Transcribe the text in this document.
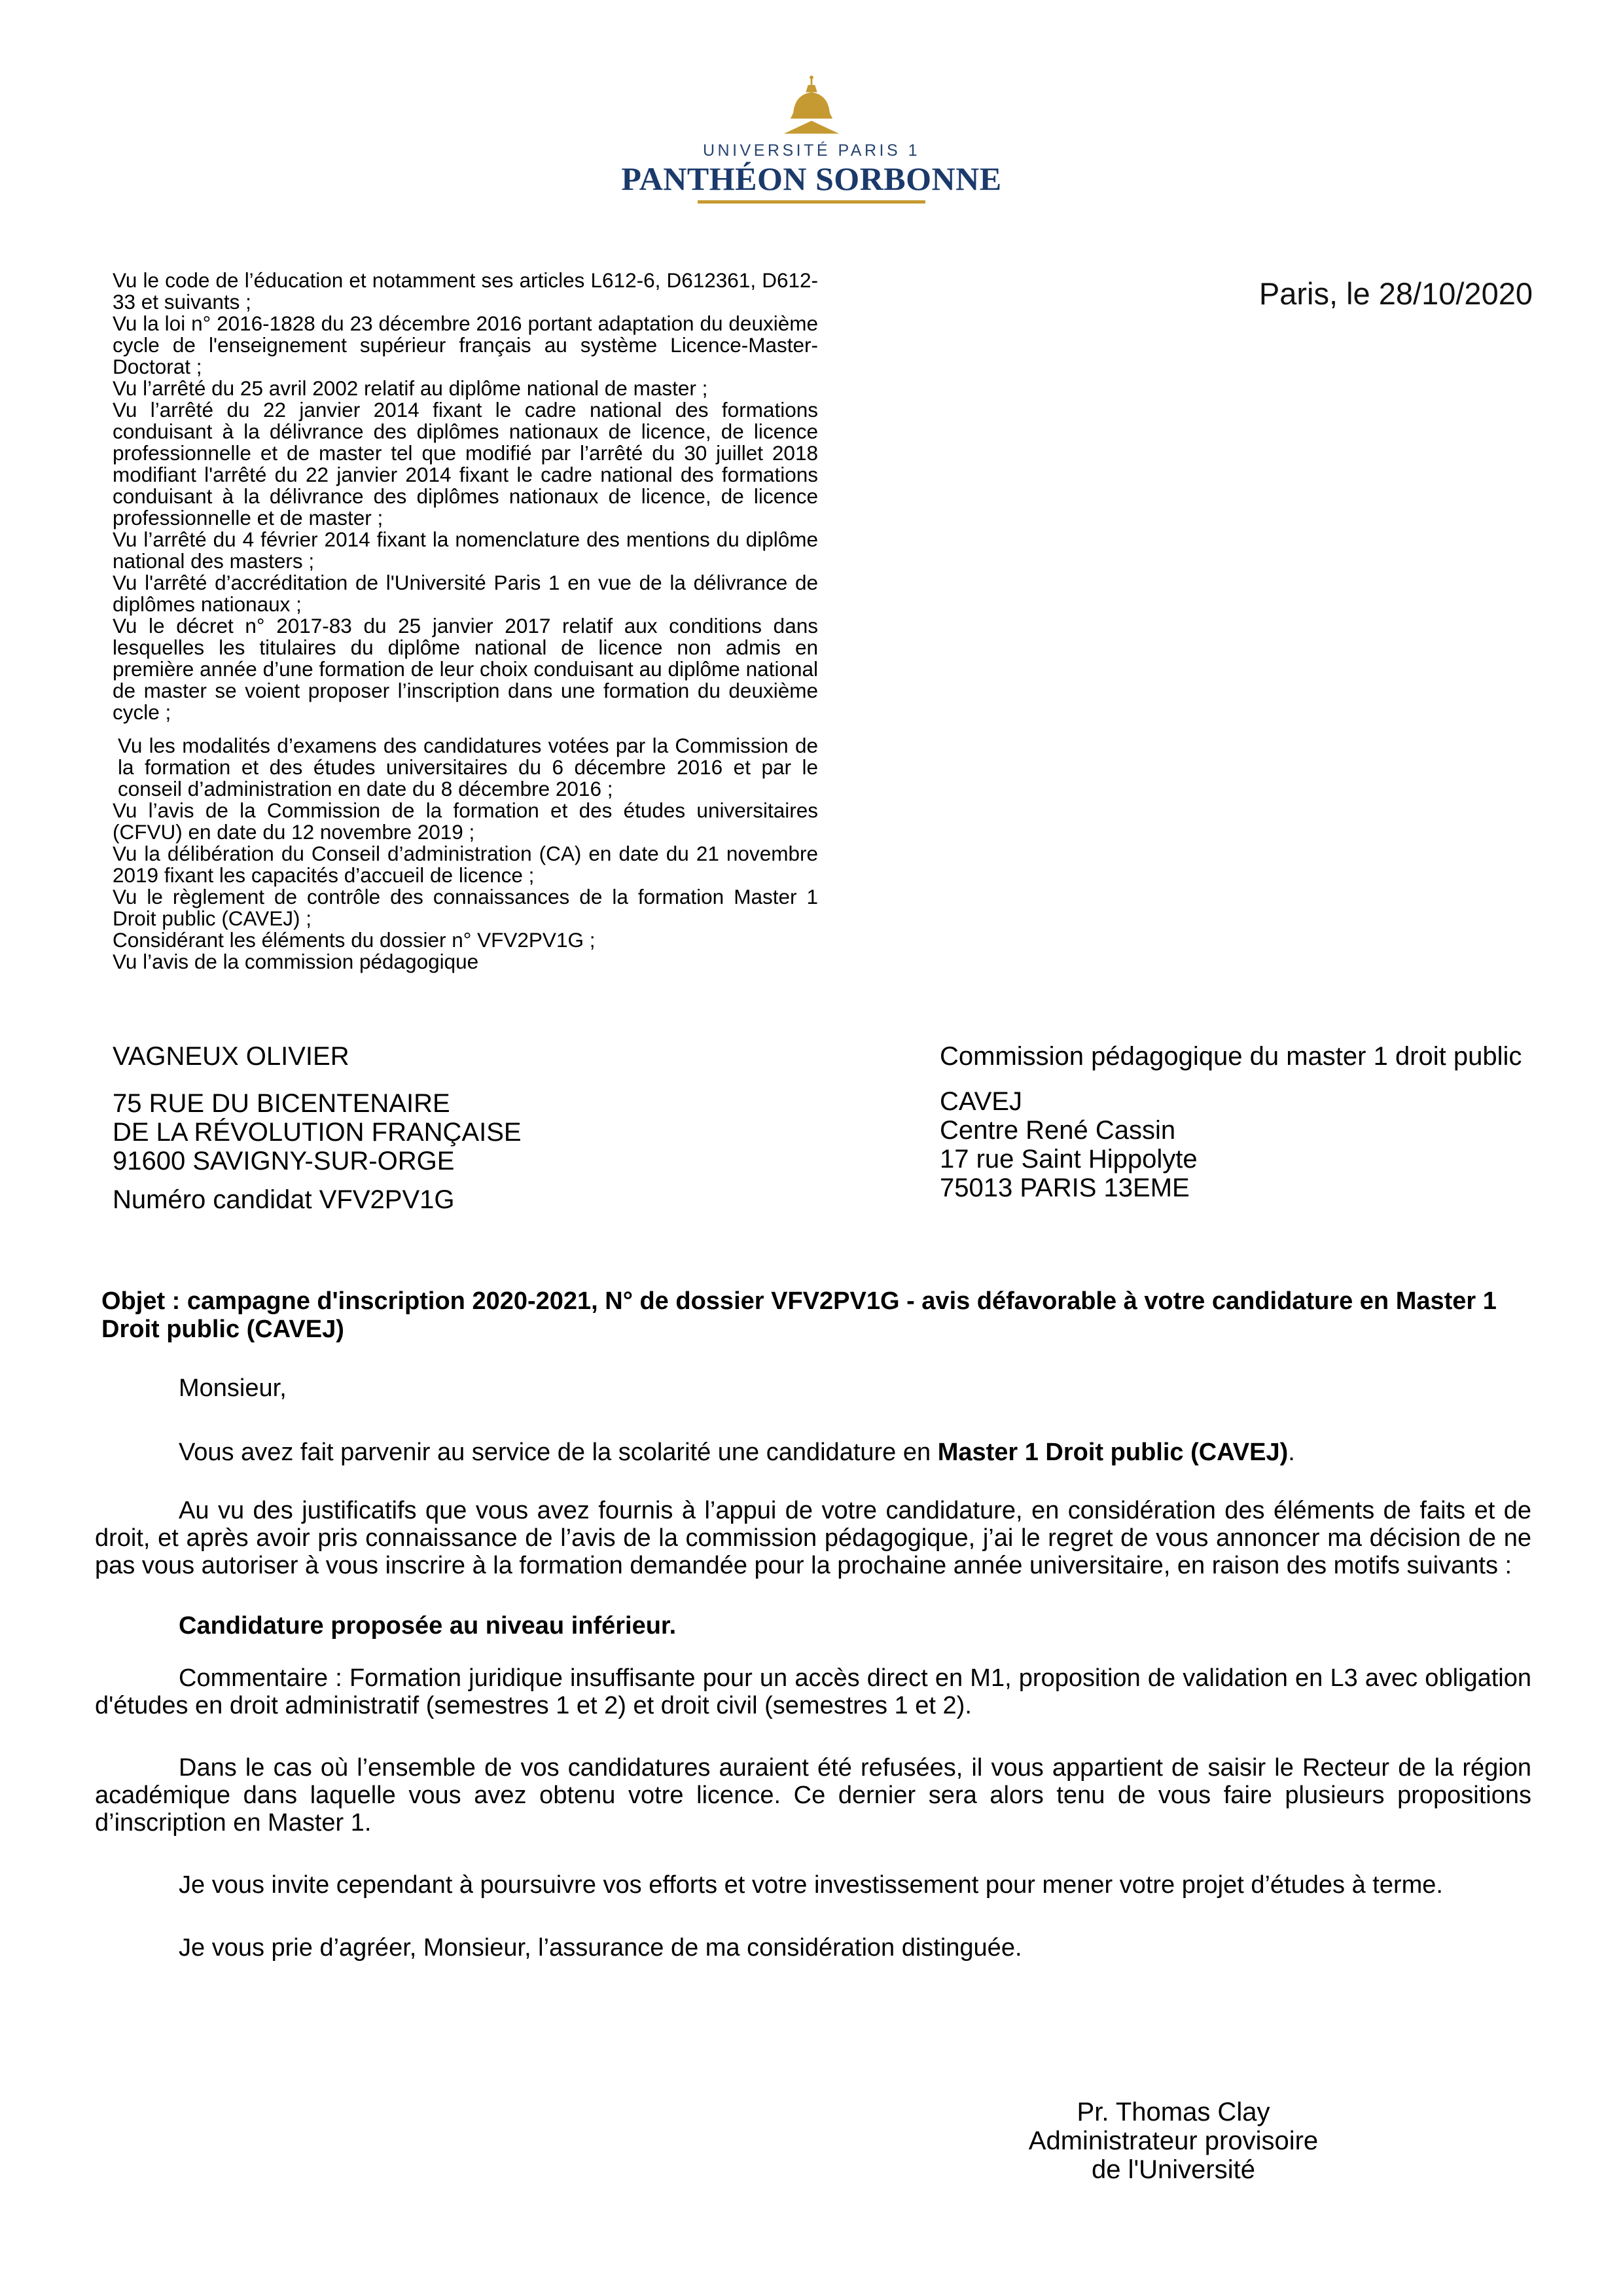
UNIVERSITÉ PARIS 1
PANTHÉON SORBONNE
Paris, le 28/10/2020

Vu le code de l’éducation et notamment ses articles L612-6, D612361, D612-33 et suivants ;

Vu la loi n° 2016-1828 du 23 décembre 2016 portant adaptation du deuxième cycle de l'enseignement supérieur français au système Licence-Master-Doctorat ;

Vu l’arrêté du 25 avril 2002 relatif au diplôme national de master ;

Vu l’arrêté du 22 janvier 2014 fixant le cadre national des formations conduisant à la délivrance des diplômes nationaux de licence, de licence professionnelle et de master tel que modifié par l’arrêté du 30 juillet 2018 modifiant l'arrêté du 22 janvier 2014 fixant le cadre national des formations conduisant à la délivrance des diplômes nationaux de licence, de licence professionnelle et de master ;

Vu l’arrêté du 4 février 2014 fixant la nomenclature des mentions du diplôme national des masters ;

Vu l'arrêté d’accréditation de l'Université Paris 1 en vue de la délivrance de diplômes nationaux ;

Vu le décret n° 2017-83 du 25 janvier 2017 relatif aux conditions dans lesquelles les titulaires du diplôme national de licence non admis en première année d’une formation de leur choix conduisant au diplôme national de master se voient proposer l’inscription dans une formation du deuxième cycle ;

Vu les modalités d’examens des candidatures votées par la Commission de la formation et des études universitaires du 6 décembre 2016 et par le conseil d’administration en date du 8 décembre 2016 ;

Vu l’avis de la Commission de la formation et des études universitaires (CFVU) en date du 12 novembre 2019 ;

Vu la délibération du Conseil d’administration (CA) en date du 21 novembre 2019 fixant les capacités d’accueil de licence ;

Vu le règlement de contrôle des connaissances de la formation Master 1 Droit public (CAVEJ) ;

Considérant les éléments du dossier n° VFV2PV1G ;

Vu l’avis de la commission pédagogique

VAGNEUX OLIVIER

75 RUE DU BICENTENAIRE

DE LA RÉVOLUTION FRANÇAISE

91600 SAVIGNY-SUR-ORGE

Numéro candidat VFV2PV1G

Commission pédagogique du master 1 droit public

CAVEJ

Centre René Cassin

17 rue Saint Hippolyte

75013 PARIS 13EME

Objet : campagne d'inscription 2020-2021, N° de dossier VFV2PV1G - avis défavorable à votre candidature en Master 1 Droit public (CAVEJ)

Monsieur,

Vous avez fait parvenir au service de la scolarité une candidature en Master 1 Droit public (CAVEJ).

Au vu des justificatifs que vous avez fournis à l’appui de votre candidature, en considération des éléments de faits et de droit, et après avoir pris connaissance de l’avis de la commission pédagogique, j’ai le regret de vous annoncer ma décision de ne pas vous autoriser à vous inscrire à la formation demandée pour la prochaine année universitaire, en raison des motifs suivants :

Candidature proposée au niveau inférieur.

Commentaire : Formation juridique insuffisante pour un accès direct en M1, proposition de validation en L3 avec obligation d'études en droit administratif (semestres 1 et 2) et droit civil (semestres 1 et 2).

Dans le cas où l’ensemble de vos candidatures auraient été refusées, il vous appartient de saisir le Recteur de la région académique dans laquelle vous avez obtenu votre licence. Ce dernier sera alors tenu de vous faire plusieurs propositions d’inscription en Master 1.

Je vous invite cependant à poursuivre vos efforts et votre investissement pour mener votre projet d’études à terme.

Je vous prie d’agréer, Monsieur, l’assurance de ma considération distinguée.

Pr. Thomas Clay

Administrateur provisoire

de l'Université
